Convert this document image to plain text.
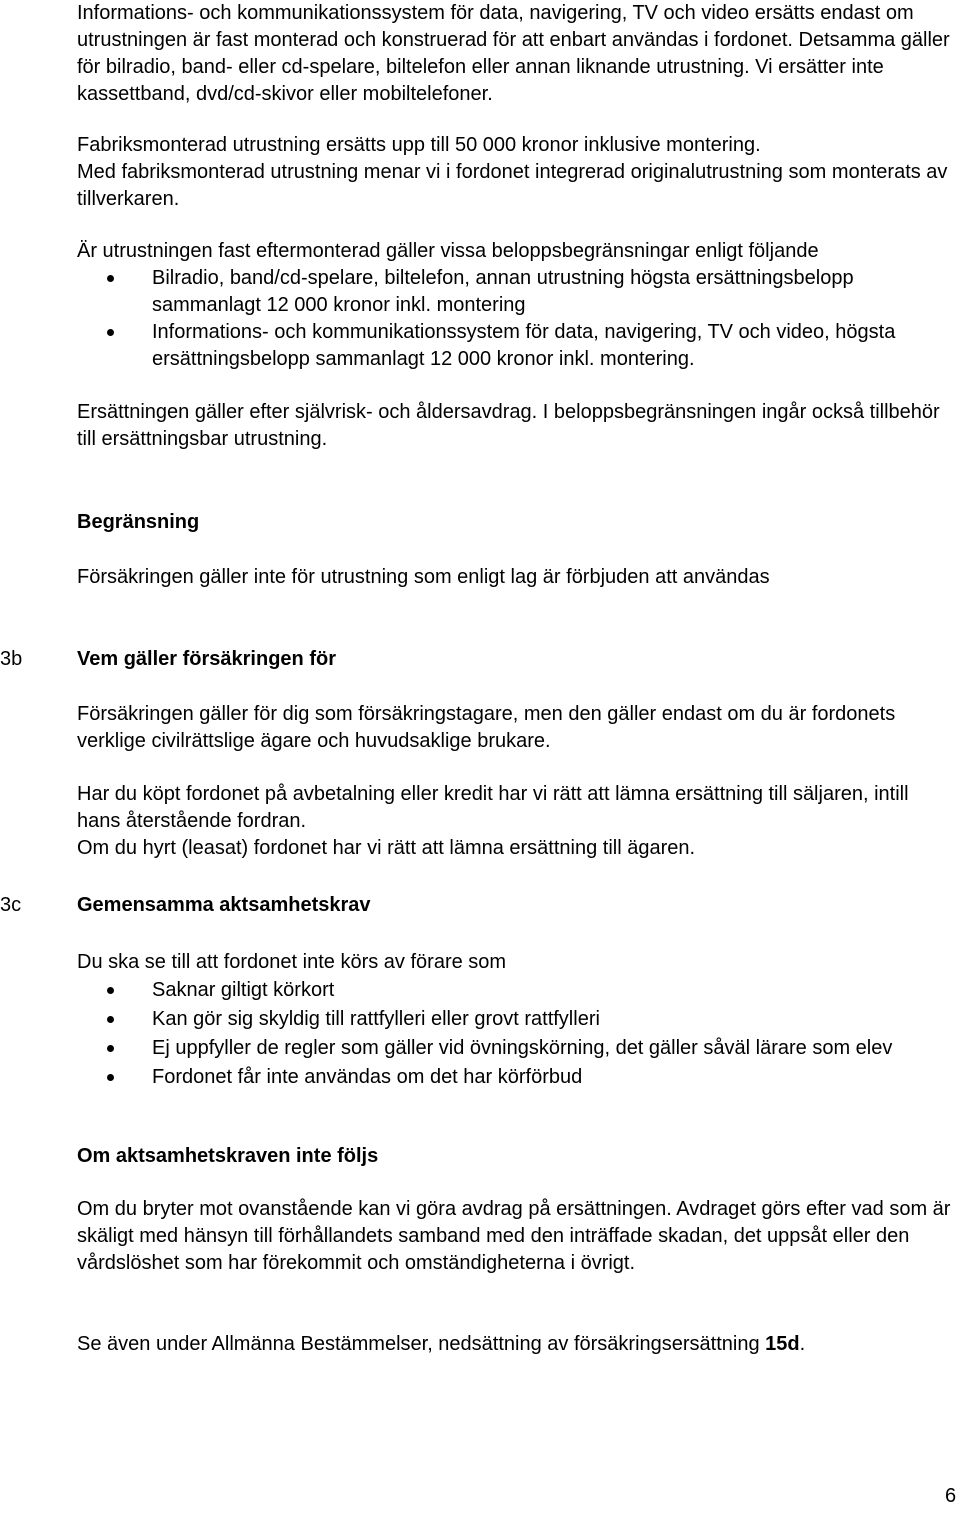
Informations- och kommunikationssystem för data, navigering, TV och video ersätts endast om utrustningen är fast monterad och konstruerad för att enbart användas i fordonet. Detsamma gäller för bilradio, band- eller cd-spelare, biltelefon eller annan liknande utrustning. Vi ersätter inte kassettband, dvd/cd-skivor eller mobiltelefoner.

Fabriksmonterad utrustning ersätts upp till 50 000 kronor inklusive montering.

Med fabriksmonterad utrustning menar vi i fordonet integrerad originalutrustning som monterats av tillverkaren.

Är utrustningen fast eftermonterad gäller vissa beloppsbegränsningar enligt följande

Bilradio, band/cd-spelare, biltelefon, annan utrustning högsta ersättningsbelopp sammanlagt 12 000 kronor inkl. montering
Informations- och kommunikationssystem för data, navigering, TV och video, högsta ersättningsbelopp sammanlagt 12 000 kronor inkl. montering.

Ersättningen gäller efter självrisk- och åldersavdrag. I beloppsbegränsningen ingår också tillbehör till ersättningsbar utrustning.

Begränsning

Försäkringen gäller inte för utrustning som enligt lag är förbjuden att användas

3b	Vem gäller försäkringen för

Försäkringen gäller för dig som försäkringstagare, men den gäller endast om du är fordonets verklige civilrättslige ägare och huvudsaklige brukare.

Har du köpt fordonet på avbetalning eller kredit har vi rätt att lämna ersättning till säljaren, intill hans återstående fordran.

Om du hyrt (leasat) fordonet har vi rätt att lämna ersättning till ägaren.

3c	Gemensamma aktsamhetskrav

Du ska se till att fordonet inte körs av förare som

Saknar giltigt körkort
Kan gör sig skyldig till rattfylleri eller grovt rattfylleri
Ej uppfyller de regler som gäller vid övningskörning, det gäller såväl lärare som elev
Fordonet får inte användas om det har körförbud

Om aktsamhetskraven inte följs

Om du bryter mot ovanstående kan vi göra avdrag på ersättningen. Avdraget görs efter vad som är skäligt med hänsyn till förhållandets samband med den inträffade skadan, det uppsåt eller den vårdslöshet som har förekommit och omständigheterna i övrigt.

Se även under Allmänna Bestämmelser, nedsättning av försäkringsersättning 15d.

6
